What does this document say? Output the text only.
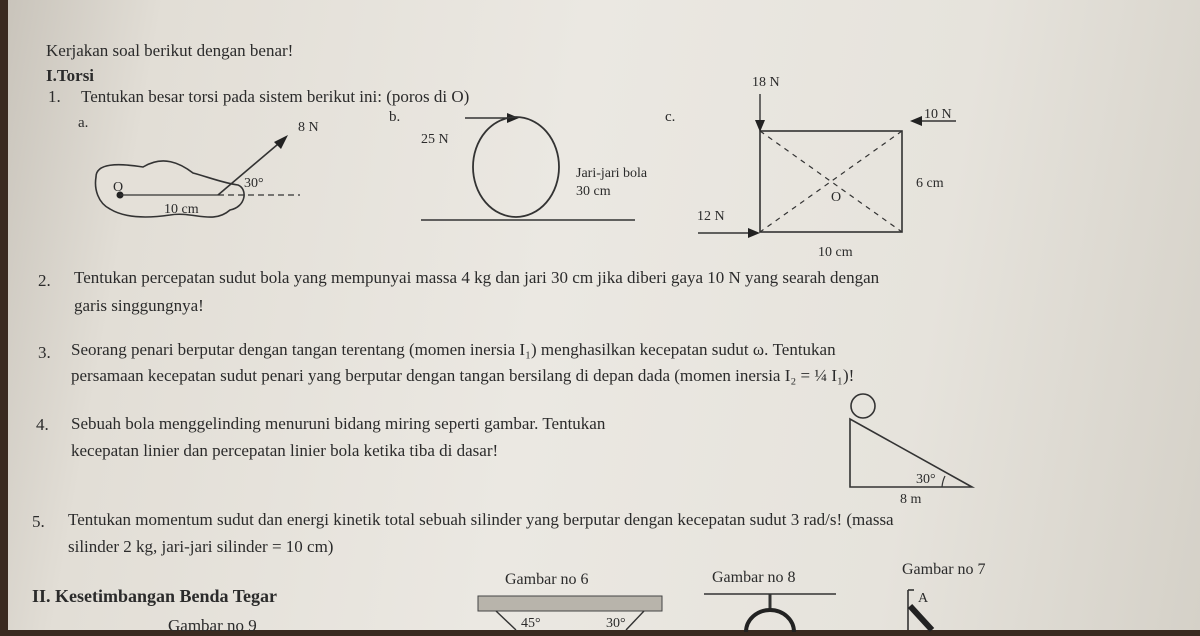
Kerjakan soal berikut dengan benar!
I.Torsi
1. Tentukan besar torsi pada sistem berikut ini: (poros di O)
a.
O
8 N
30°
10 cm
b.
25 N
Jari-jari bola
30 cm
c.
18 N
10 N
12 N
6 cm
10 cm
O
2. Tentukan percepatan sudut bola yang mempunyai massa 4 kg dan jari 30 cm jika diberi gaya 10 N yang searah dengan
garis singgungnya!
3. Seorang penari berputar dengan tangan terentang (momen inersia I₁) menghasilkan kecepatan sudut ω. Tentukan
persamaan kecepatan sudut penari yang berputar dengan tangan bersilang di depan dada (momen inersia I₂ = ¼ I₁)!
4. Sebuah bola menggelinding menuruni bidang miring seperti gambar. Tentukan
kecepatan linier dan percepatan linier bola ketika tiba di dasar!
30°
8 m
5. Tentukan momentum sudut dan energi kinetik total sebuah silinder yang berputar dengan kecepatan sudut 3 rad/s! (massa
silinder 2 kg, jari-jari silinder = 10 cm)
II. Kesetimbangan Benda Tegar
Gambar no 9
Gambar no 6
45°	30°
Gambar no 8	Gambar no 7
A
